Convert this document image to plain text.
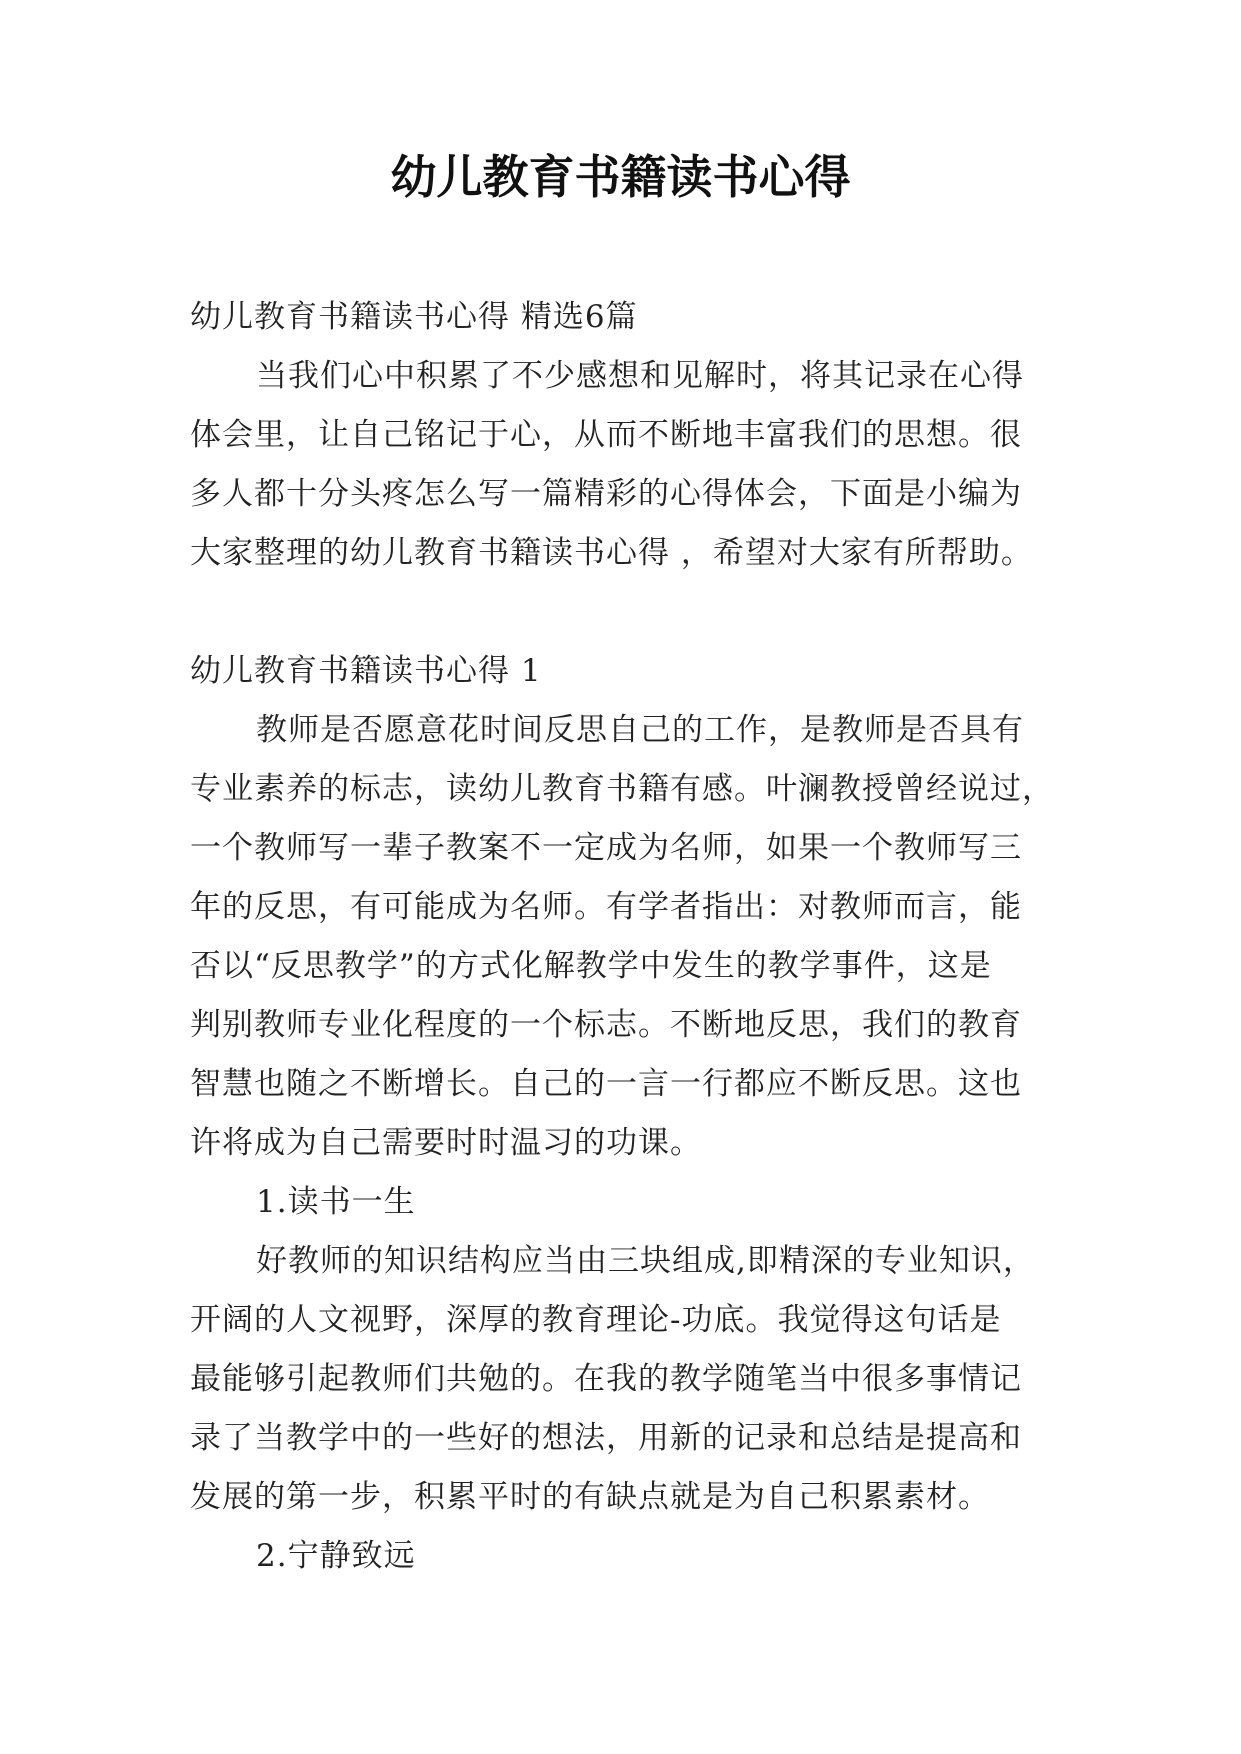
幼儿教育书籍读书心得
幼儿教育书籍读书心得 精选6篇
当我们心中积累了不少感想和见解时，将其记录在心得
体会里，让自己铭记于心，从而不断地丰富我们的思想。很
多人都十分头疼怎么写一篇精彩的心得体会，下面是小编为
大家整理的幼儿教育书籍读书心得 ，希望对大家有所帮助。
幼儿教育书籍读书心得 1
教师是否愿意花时间反思自己的工作，是教师是否具有
专业素养的标志，读幼儿教育书籍有感。叶澜教授曾经说过，
一个教师写一辈子教案不一定成为名师，如果一个教师写三
年的反思，有可能成为名师。有学者指出：对教师而言，能
否以“反思教学”的方式化解教学中发生的教学事件，这是
判别教师专业化程度的一个标志。不断地反思，我们的教育
智慧也随之不断增长。自己的一言一行都应不断反思。这也
许将成为自己需要时时温习的功课。
1.读书一生
好教师的知识结构应当由三块组成,即精深的专业知识，
开阔的人文视野，深厚的教育理论-功底。我觉得这句话是
最能够引起教师们共勉的。在我的教学随笔当中很多事情记
录了当教学中的一些好的想法，用新的记录和总结是提高和
发展的第一步，积累平时的有缺点就是为自己积累素材。
2.宁静致远
